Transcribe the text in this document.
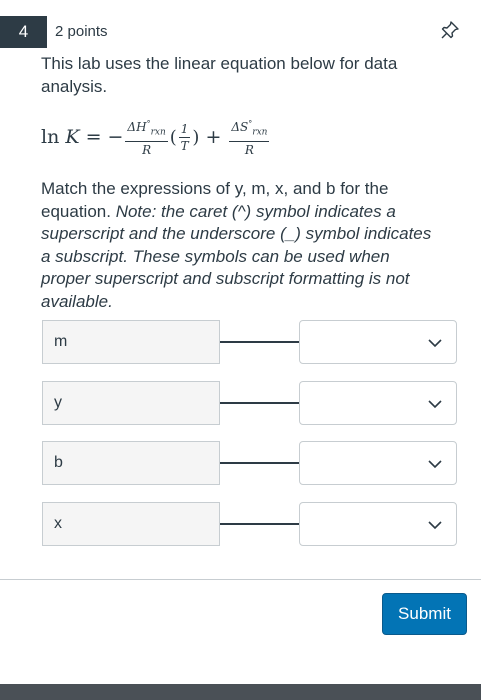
4	2 points
This lab uses the linear equation below for data analysis.
ln
K = − $\frac{\Delta H^\circ_{rxn}}{R}$ ( $\frac{1}{T}$ ) + $\frac{\Delta S^\circ_{rxn}}{R}$
Match the expressions of y, m, x, and b for the equation. Note: the caret (^) symbol indicates a superscript and the underscore (_) symbol indicates a subscript. These symbols can be used when proper superscript and subscript formatting is not available.
m
y
b
x
Submit
